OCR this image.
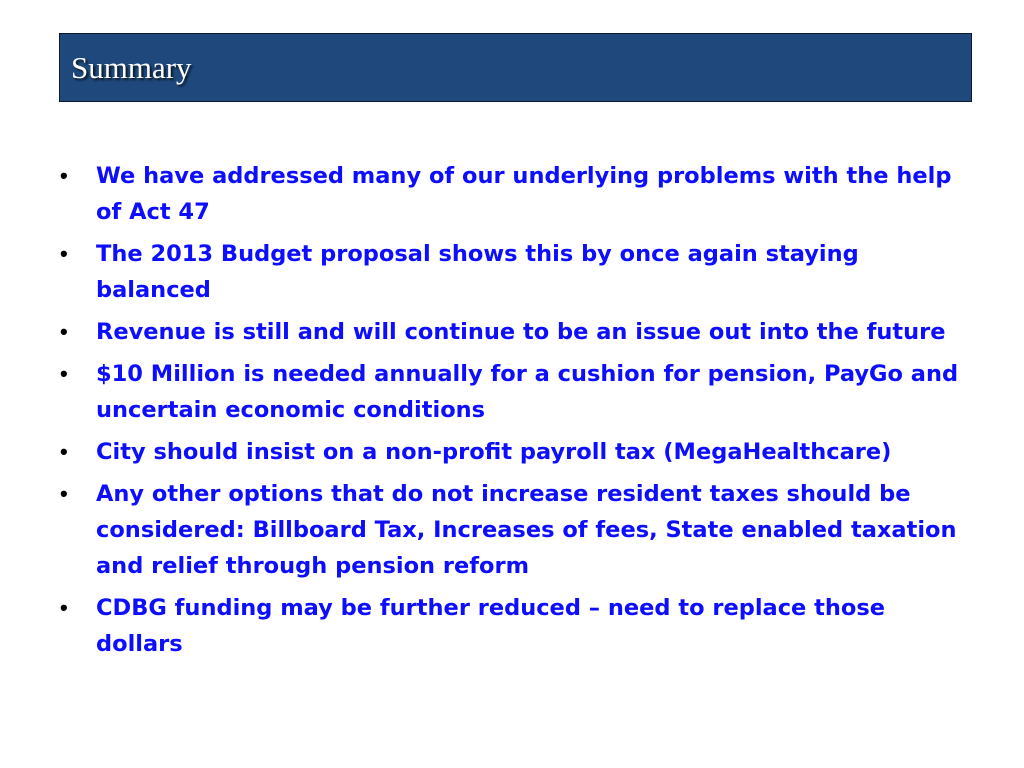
Summary
•	We have addressed many of our underlying problems with the help of Act 47
•	The 2013 Budget proposal shows this by once again staying balanced
•	Revenue is still and will continue to be an issue out into the future
•	$10 Million is needed annually for a cushion for pension, PayGo and uncertain economic conditions
•	City should insist on a non-profit payroll tax (MegaHealthcare)
•	Any other options that do not increase resident taxes should be considered: Billboard Tax, Increases of fees, State enabled taxation and relief through pension reform
•	CDBG funding may be further reduced – need to replace those dollars
